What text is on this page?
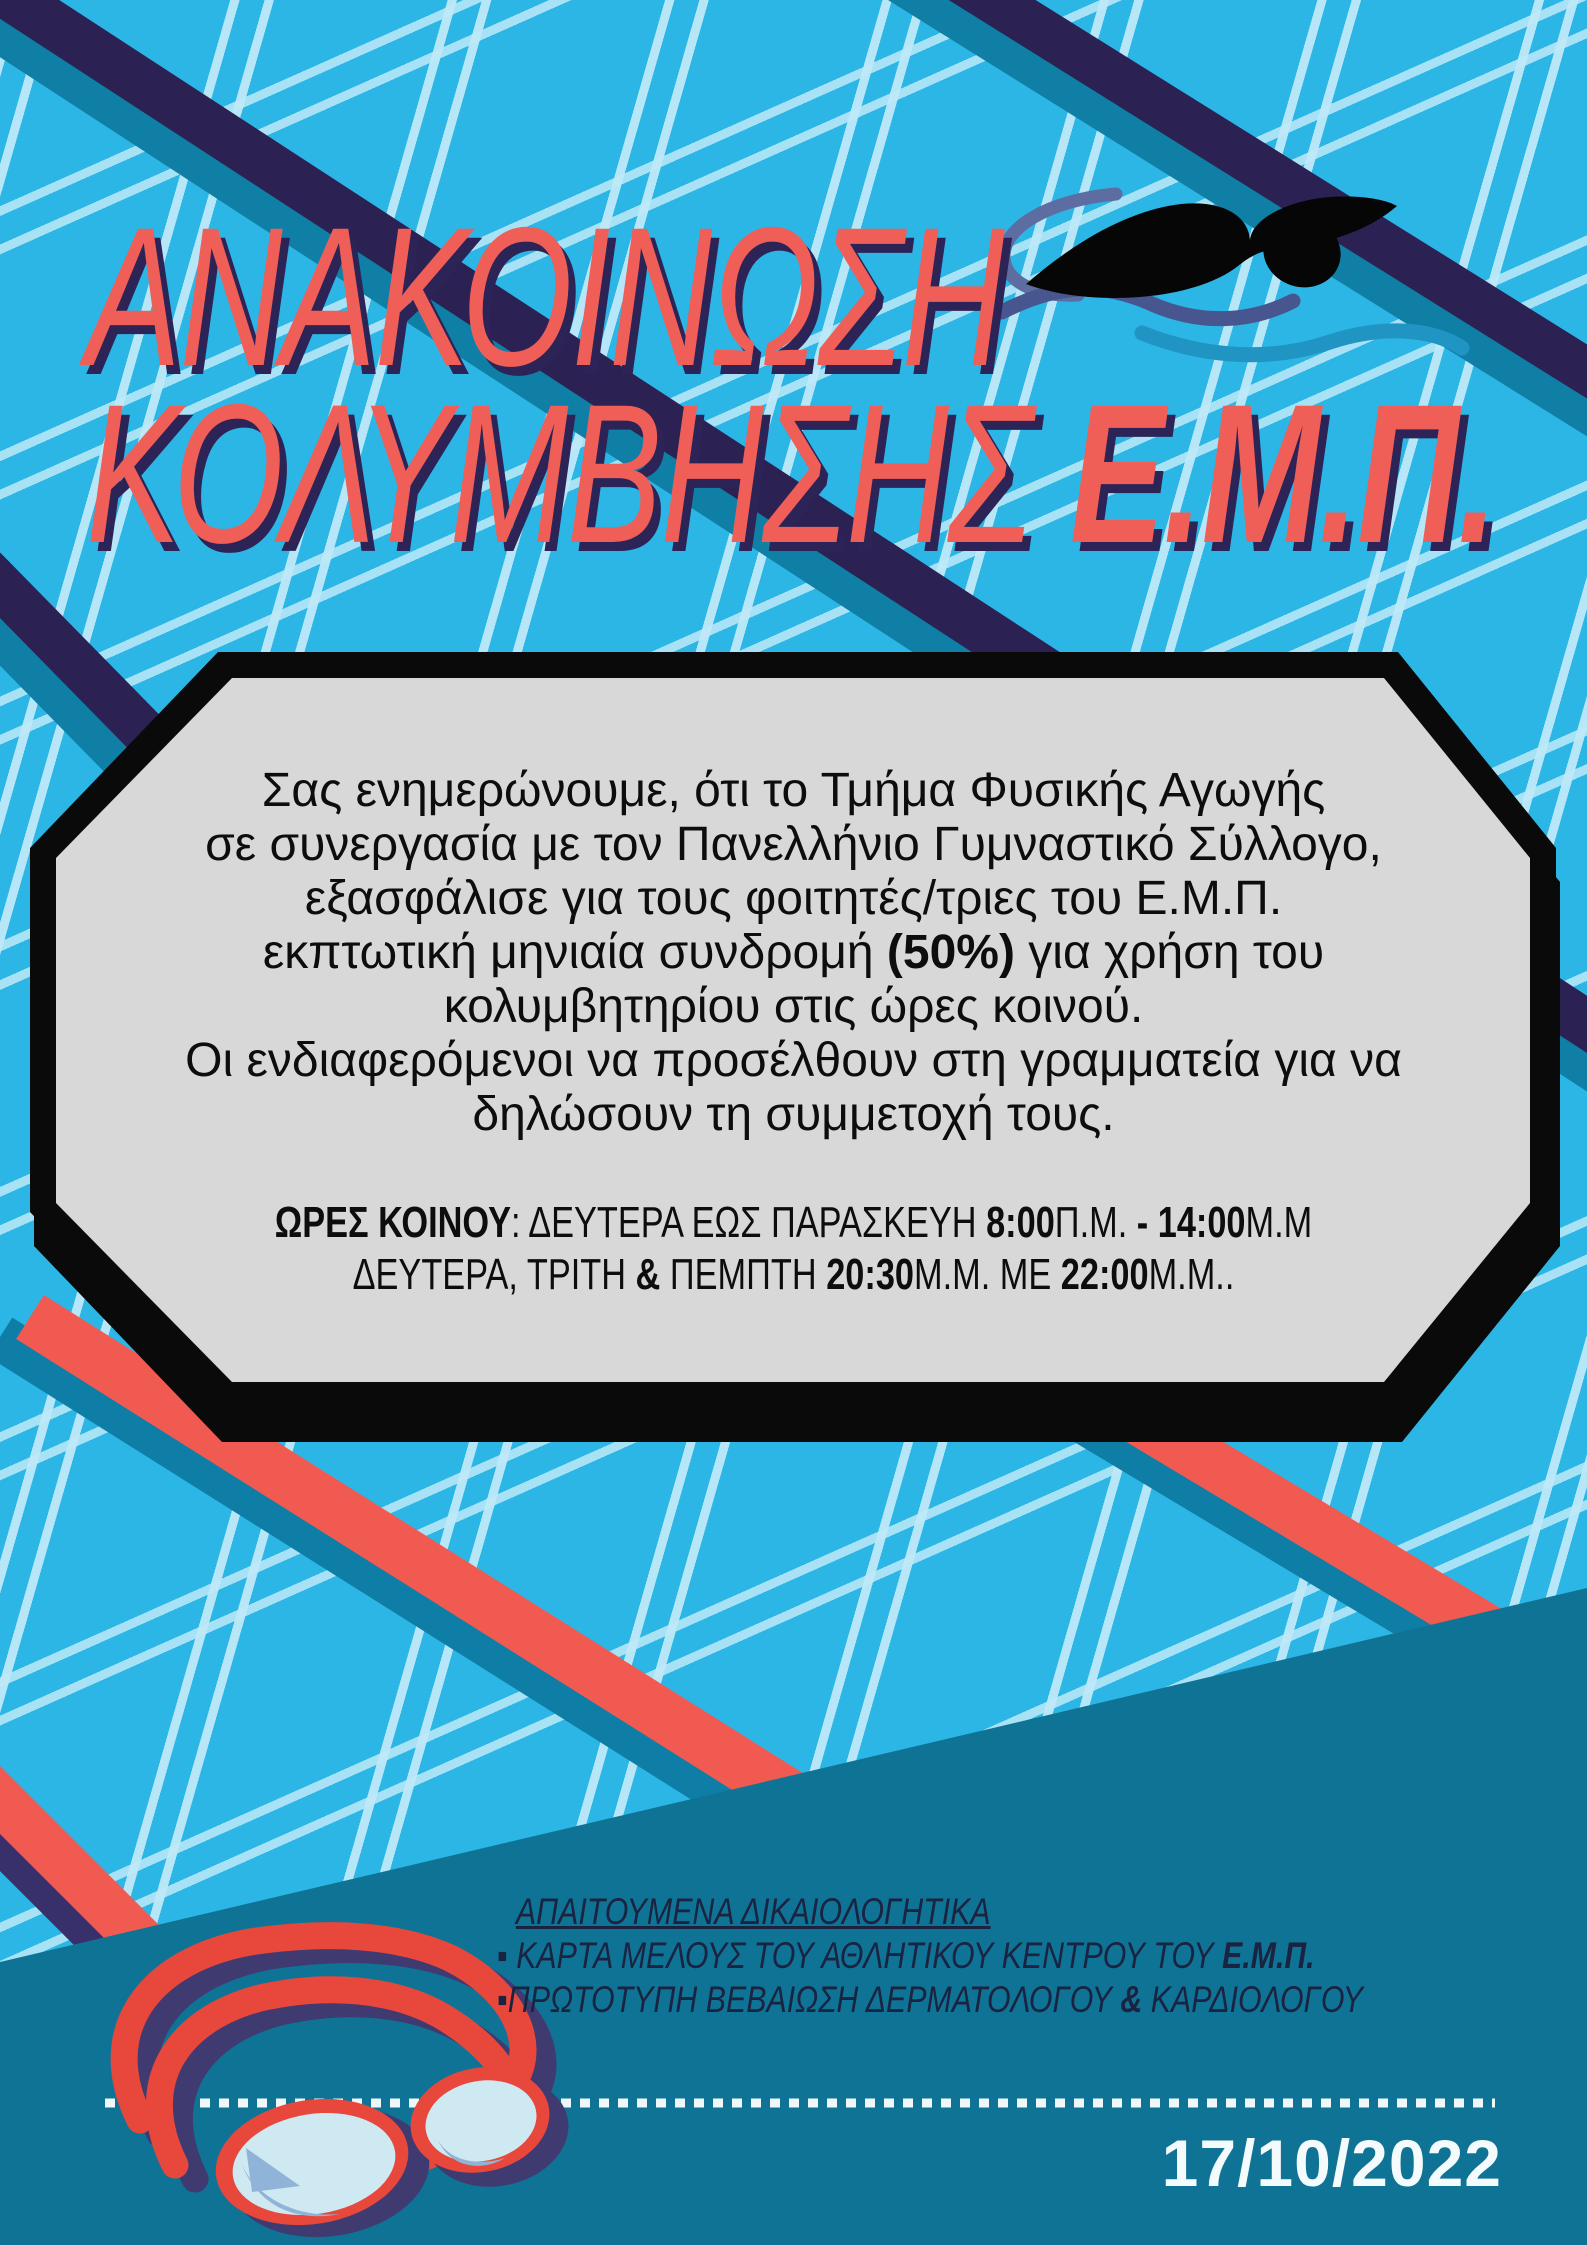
ΑΝΑΚΟΙΝΩΣΗ
ΚΟΛΥΜΒΗΣΗΣ Ε.Μ.Π.
Σας ενημερώνουμε, ότι το Τμήμα Φυσικής Αγωγής
σε συνεργασία με τον Πανελλήνιο Γυμναστικό Σύλλογο,
εξασφάλισε για τους φοιτητές/τριες του Ε.Μ.Π.
εκπτωτική μηνιαία συνδρομή (50%) για χρήση του
κολυμβητηρίου στις ώρες κοινού.
Οι ενδιαφερόμενοι να προσέλθουν στη γραμματεία για να
δηλώσουν τη συμμετοχή τους.
ΩΡΕΣ ΚΟΙΝΟΥ: ΔΕΥΤΕΡΑ ΕΩΣ ΠΑΡΑΣΚΕΥΗ 8:00Π.Μ. - 14:00Μ.Μ
ΔΕΥΤΕΡΑ, ΤΡΙΤΗ & ΠΕΜΠΤΗ 20:30Μ.Μ. ΜΕ 22:00Μ.Μ..
ΑΠΑΙΤΟΥΜΕΝΑ ΔΙΚΑΙΟΛΟΓΗΤΙΚΑ
▪ ΚΑΡΤΑ ΜΕΛΟΥΣ ΤΟΥ ΑΘΛΗΤΙΚΟΥ ΚΕΝΤΡΟΥ ΤΟΥ Ε.Μ.Π.
▪ΠΡΩΤΟΤΥΠΗ ΒΕΒΑΙΩΣΗ ΔΕΡΜΑΤΟΛΟΓΟΥ & ΚΑΡΔΙΟΛΟΓΟΥ
17/10/2022
